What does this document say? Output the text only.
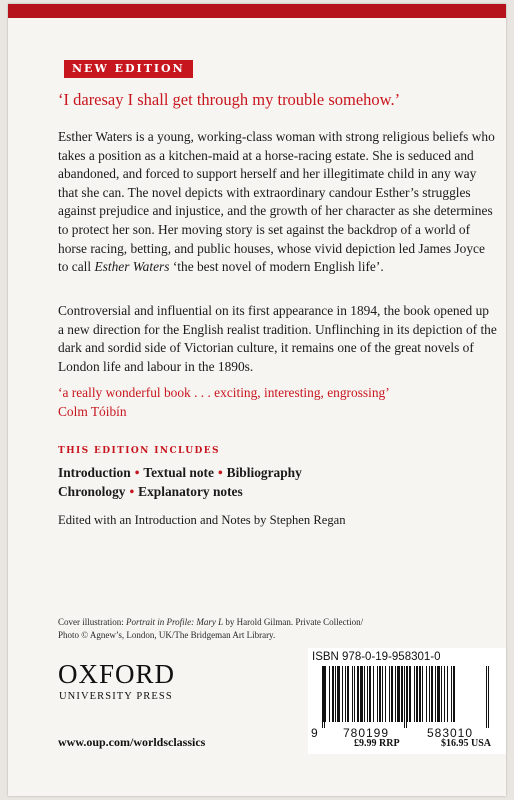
NEW EDITION

‘I daresay I shall get through my trouble somehow.’

Esther Waters is a young, working-class woman with strong religious beliefs who takes a position as a kitchen-maid at a horse-racing estate. She is seduced and abandoned, and forced to support herself and her illegitimate child in any way that she can. The novel depicts with extraordinary candour Esther’s struggles against prejudice and injustice, and the growth of her character as she determines to protect her son. Her moving story is set against the backdrop of a world of horse racing, betting, and public houses, whose vivid depiction led James Joyce to call Esther Waters ‘the best novel of modern English life’.

Controversial and influential on its first appearance in 1894, the book opened up a new direction for the English realist tradition. Unflinching in its depiction of the dark and sordid side of Victorian culture, it remains one of the great novels of London life and labour in the 1890s.

‘a really wonderful book . . . exciting, interesting, engrossing’
Colm Tóibín

THIS EDITION INCLUDES

Introduction • Textual note • Bibliography

Chronology • Explanatory notes

Edited with an Introduction and Notes by Stephen Regan

Cover illustration: Portrait in Profile: Mary L by Harold Gilman. Private Collection/
Photo © Agnew’s, London, UK/The Bridgeman Art Library.

OXFORD

UNIVERSITY PRESS

www.oup.com/worldsclassics

ISBN 978-0-19-958301-0

9 780199	583010

£9.99 RRP	$16.95 USA
